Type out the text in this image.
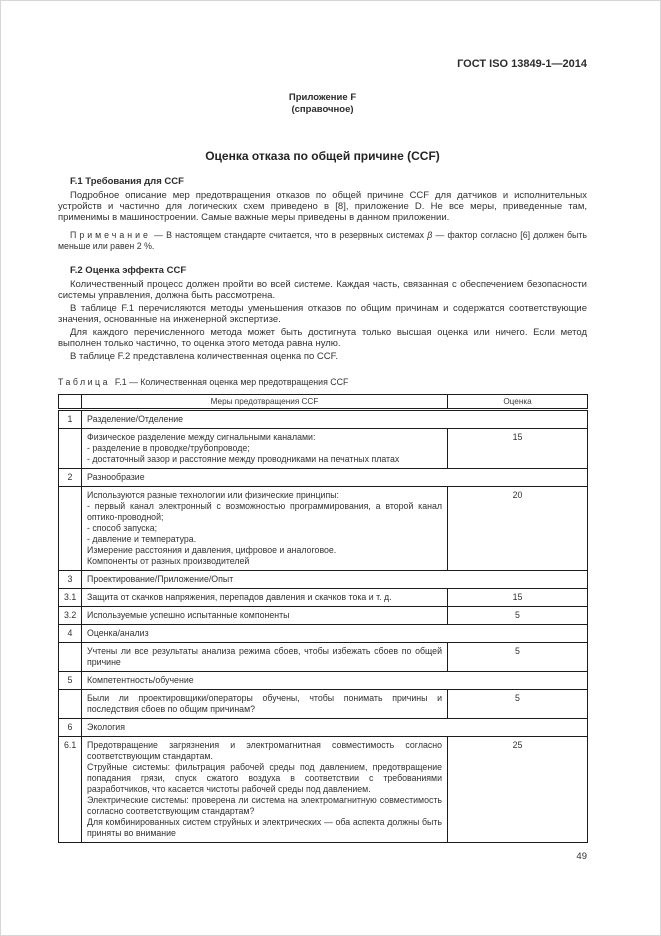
ГОСТ ISO 13849-1—2014
Приложение F
(справочное)
Оценка отказа по общей причине (CCF)
F.1 Требования для CCF

Подробное описание мер предотвращения отказов по общей причине CCF для датчиков и исполнительных устройств и частично для логических схем приведено в [8], приложение D. Не все меры, приведенные там, применимы в машиностроении. Самые важные меры приведены в данном приложении.

Примечание — В настоящем стандарте считается, что в резервных системах β — фактор согласно [6] должен быть меньше или равен 2 %.

F.2 Оценка эффекта CCF

Количественный процесс должен пройти во всей системе. Каждая часть, связанная с обеспечением безопасности системы управления, должна быть рассмотрена.

В таблице F.1 перечисляются методы уменьшения отказов по общим причинам и содержатся соответствующие значения, основанные на инженерной экспертизе.

Для каждого перечисленного метода может быть достигнута только высшая оценка или ничего. Если метод выполнен только частично, то оценка этого метода равна нулю.

В таблице F.2 представлена количественная оценка по CCF.

Таблица F.1 — Количественная оценка мер предотвращения CCF
	Меры предотвращения CCF	Оценка
1	Разделение/Отделение	

	Физическое разделение между сигнальными каналами:
- разделение в проводке/трубопроводе;
- достаточный зазор и расстояние между проводниками на печатных платах	15
2	Разнообразие	

Используются разные технологии или физические принципы:
- первый канал электронный с возможностью программирования, а второй канал оптико-проводной;
- способ запуска;
- давление и температура.
Измерение расстояния и давления, цифровое и аналоговое.
Компоненты от разных производителей
	20
3	Проектирование/Приложение/Опыт	
3.1	Защита от скачков напряжения, перепадов давления и скачков тока и т. д.	15
3.2	Используемые успешно испытанные компоненты	5
4	Оценка/анализ	

	Учтены ли все результаты анализа режима сбоев, чтобы избежать сбоев по общей причине	5
5	Компетентность/обучение	

	Были ли проектировщики/операторы обучены, чтобы понимать причины и последствия сбоев по общим причинам?	5
6	Экология	
6.1	Предотвращение загрязнения и электромагнитная совместимость согласно соответствующим стандартам.
Струйные системы: фильтрация рабочей среды под давлением, предотвращение попадания грязи, спуск сжатого воздуха в соответствии с требованиями разработчиков, что касается чистоты рабочей среды под давлением.
Электрические системы: проверена ли система на электромагнитную совместимость согласно соответствующим стандартам?
Для комбинированных систем струйных и электрических — оба аспекта должны быть приняты во внимание	25
49
